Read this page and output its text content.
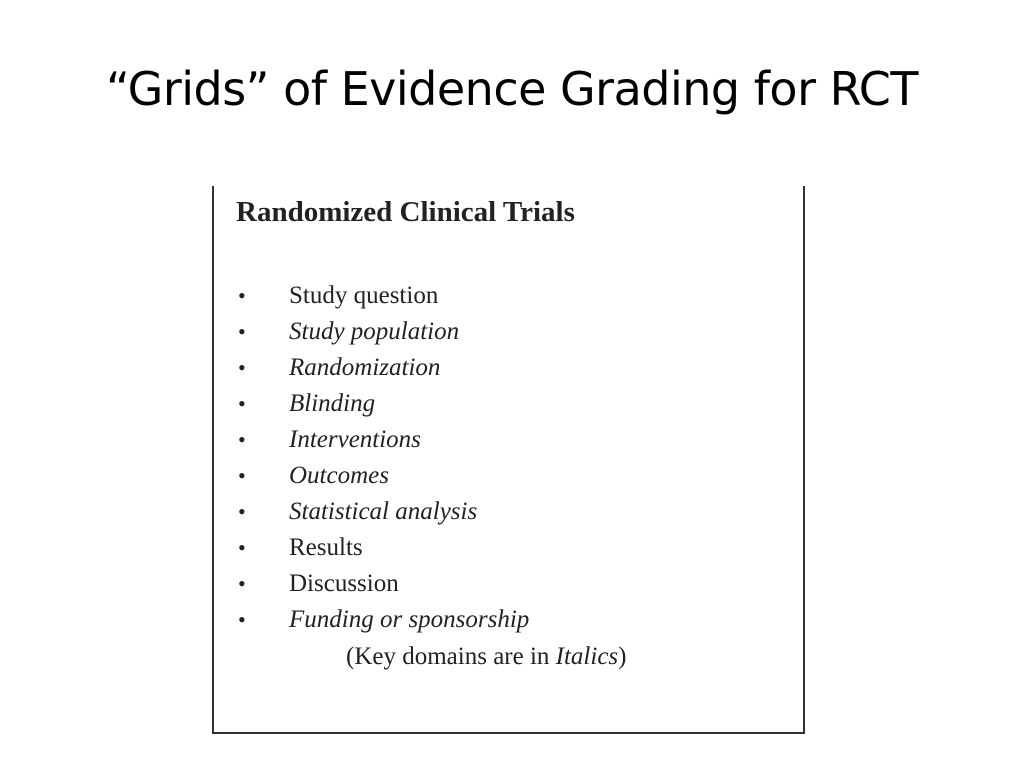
“Grids” of Evidence Grading for RCT
Randomized Clinical Trials
• Study question
• Study population
• Randomization
• Blinding
• Interventions
• Outcomes
• Statistical analysis
• Results
• Discussion
• Funding or sponsorship
(Key domains are in Italics)
